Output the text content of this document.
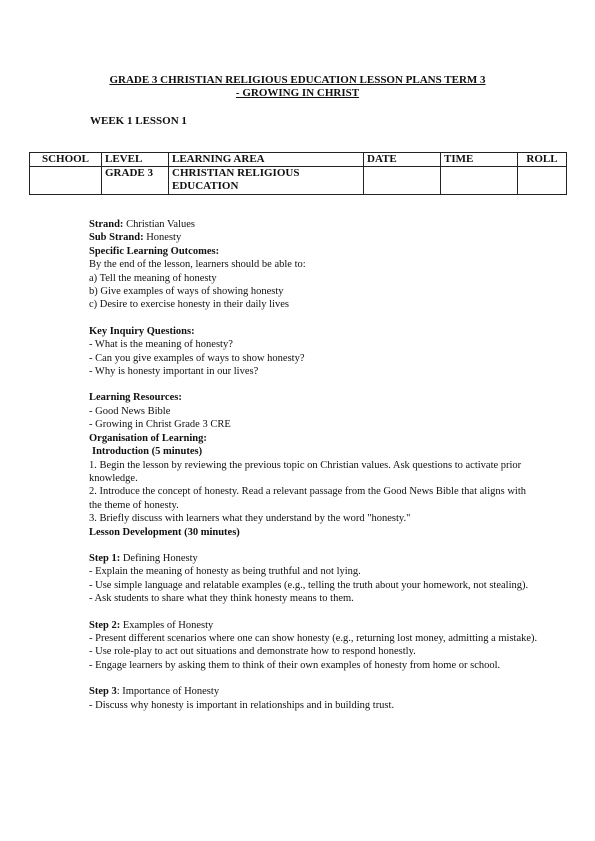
GRADE 3 CHRISTIAN RELIGIOUS EDUCATION LESSON PLANS TERM 3
- GROWING IN CHRIST
WEEK 1 LESSON 1
SCHOOL	LEVEL	LEARNING AREA	DATE	TIME	ROLL
	GRADE 3	CHRISTIAN RELIGIOUS EDUCATION			
Strand: Christian Values
Sub Strand: Honesty
Specific Learning Outcomes:
By the end of the lesson, learners should be able to:
a) Tell the meaning of honesty
b) Give examples of ways of showing honesty
c) Desire to exercise honesty in their daily lives
Key Inquiry Questions:
- What is the meaning of honesty?
- Can you give examples of ways to show honesty?
- Why is honesty important in our lives?
Learning Resources:
- Good News Bible
- Growing in Christ Grade 3 CRE
Organisation of Learning:
Introduction (5 minutes)
1. Begin the lesson by reviewing the previous topic on Christian values. Ask questions to activate prior knowledge.
2. Introduce the concept of honesty. Read a relevant passage from the Good News Bible that aligns with the theme of honesty.
3. Briefly discuss with learners what they understand by the word "honesty."
Lesson Development (30 minutes)
Step 1: Defining Honesty
- Explain the meaning of honesty as being truthful and not lying.
- Use simple language and relatable examples (e.g., telling the truth about your homework, not stealing).
- Ask students to share what they think honesty means to them.
Step 2: Examples of Honesty
- Present different scenarios where one can show honesty (e.g., returning lost money, admitting a mistake).
- Use role-play to act out situations and demonstrate how to respond honestly.
- Engage learners by asking them to think of their own examples of honesty from home or school.
Step 3: Importance of Honesty
- Discuss why honesty is important in relationships and in building trust.
